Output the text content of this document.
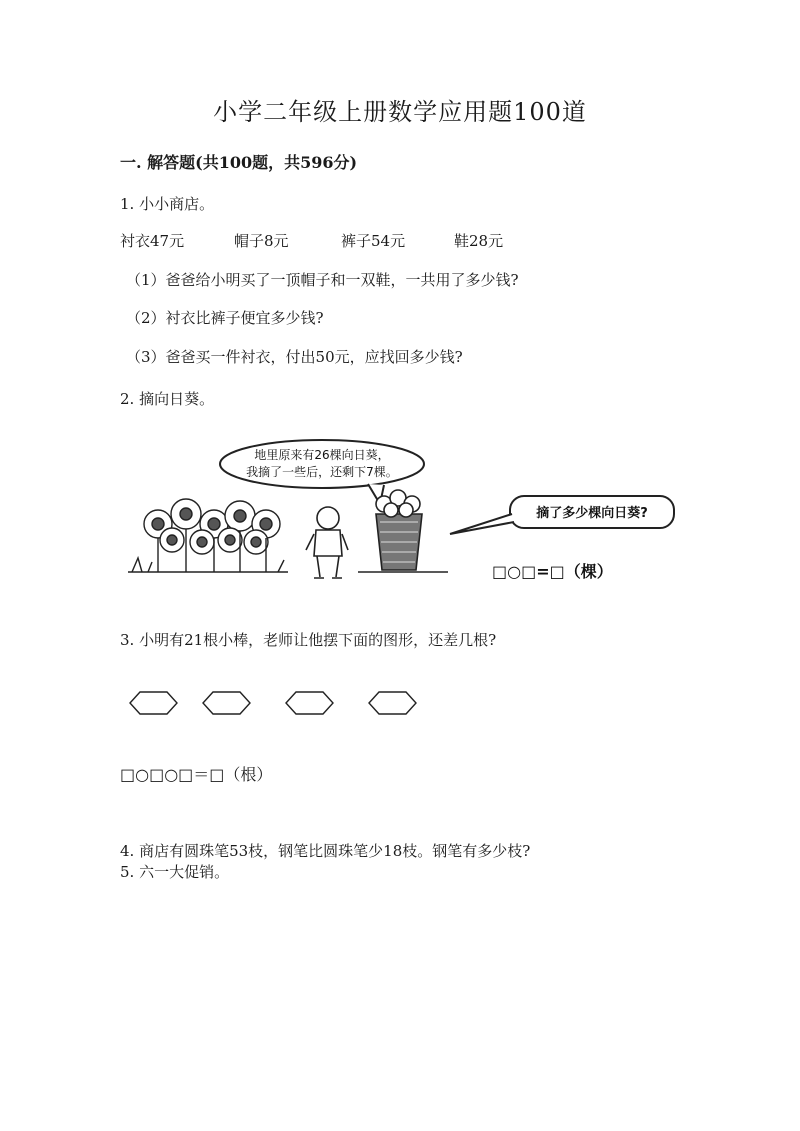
小学二年级上册数学应用题100道
一. 解答题(共100题，共596分)
1. 小小商店。
衬衣47元	帽子8元	裤子54元	鞋28元
（1）爸爸给小明买了一顶帽子和一双鞋，一共用了多少钱?
（2）衬衣比裤子便宜多少钱?
（3）爸爸买一件衬衣，付出50元，应找回多少钱?
2. 摘向日葵。
地里原来有26棵向日葵，
我摘了一些后，还剩下7棵。
摘了多少棵向日葵?
□○□=□（棵）
3. 小明有21根小棒，老师让他摆下面的图形，还差几根?
□○□○□＝□（根）
4. 商店有圆珠笔53枝，钢笔比圆珠笔少18枝。钢笔有多少枝?
5. 六一大促销。
